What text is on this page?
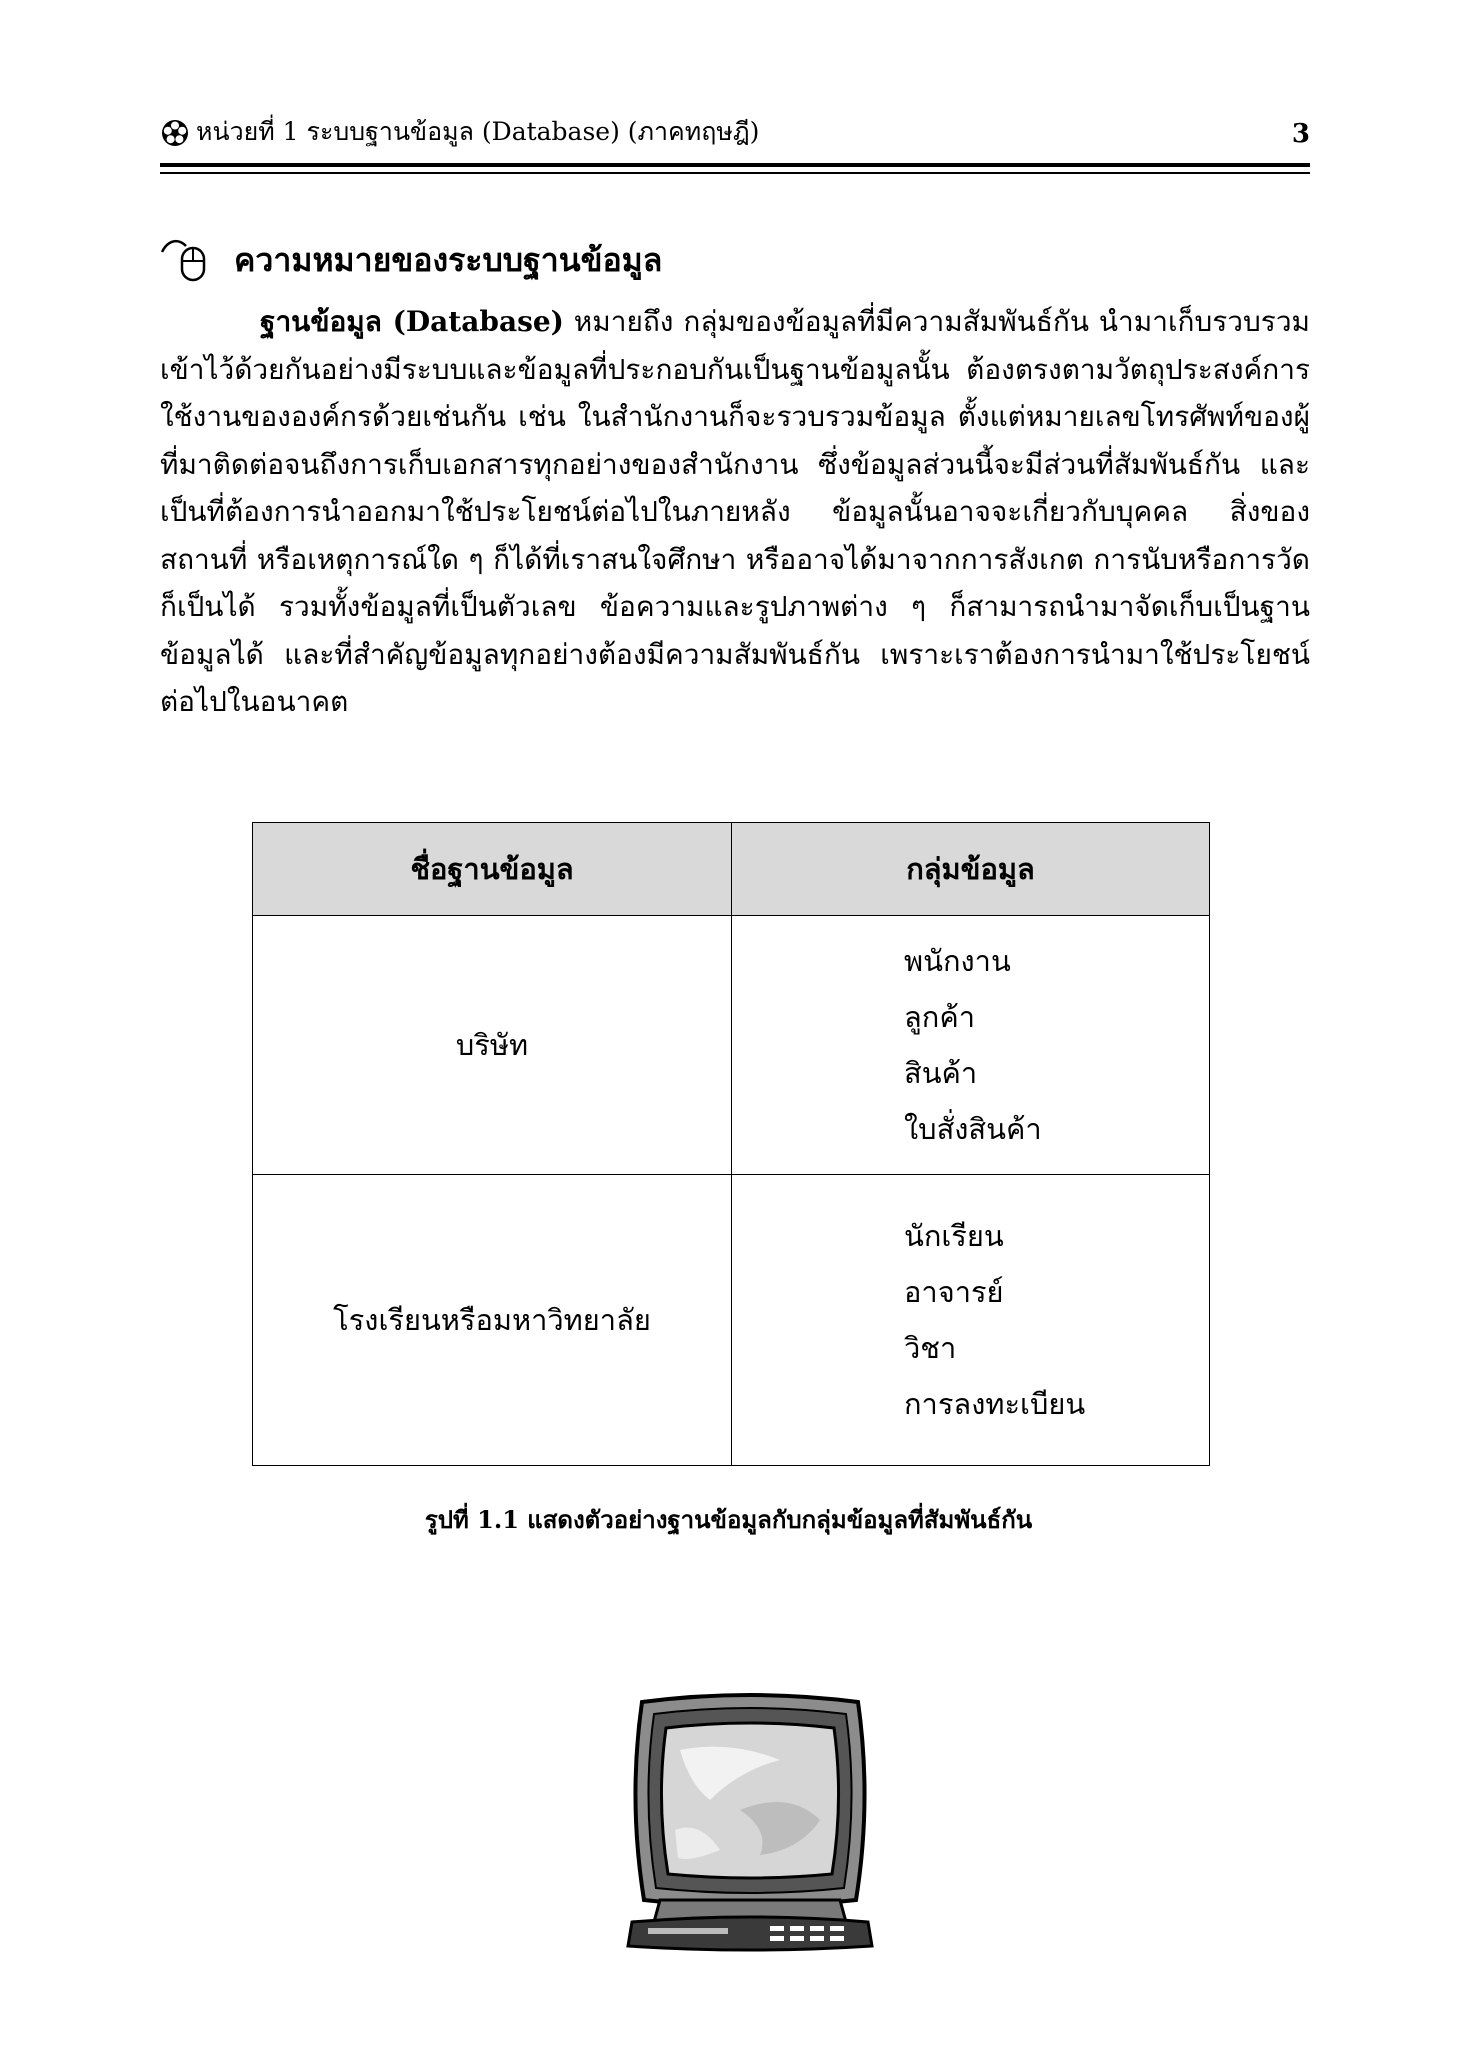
หน่วยที่ 1 ระบบฐานข้อมูล (Database) (ภาคทฤษฎี)	3
ความหมายของระบบฐานข้อมูล
ฐานข้อมูล (Database) หมายถึง กลุ่มของข้อมูลที่มีความสัมพันธ์กัน นำมาเก็บรวบรวมเข้าไว้ด้วยกันอย่างมีระบบและข้อมูลที่ประกอบกันเป็นฐานข้อมูลนั้น ต้องตรงตามวัตถุประสงค์การใช้งานขององค์กรด้วยเช่นกัน เช่น ในสำนักงานก็จะรวบรวมข้อมูล ตั้งแต่หมายเลขโทรศัพท์ของผู้ที่มาติดต่อจนถึงการเก็บเอกสารทุกอย่างของสำนักงาน ซึ่งข้อมูลส่วนนี้จะมีส่วนที่สัมพันธ์กัน และเป็นที่ต้องการนำออกมาใช้ประโยชน์ต่อไปในภายหลัง ข้อมูลนั้นอาจจะเกี่ยวกับบุคคล สิ่งของ สถานที่ หรือเหตุการณ์ใด ๆ ก็ได้ที่เราสนใจศึกษา หรืออาจได้มาจากการสังเกต การนับหรือการวัดก็เป็นได้ รวมทั้งข้อมูลที่เป็นตัวเลข ข้อความและรูปภาพต่าง ๆ ก็สามารถนำมาจัดเก็บเป็นฐานข้อมูลได้ และที่สำคัญข้อมูลทุกอย่างต้องมีความสัมพันธ์กัน เพราะเราต้องการนำมาใช้ประโยชน์ต่อไปในอนาคต
ชื่อฐานข้อมูล	กลุ่มข้อมูล
บริษัท	พนักงาน
ลูกค้า
สินค้า
ใบสั่งสินค้า

โรงเรียนหรือมหาวิทยาลัย	นักเรียน
อาจารย์
วิชา
การลงทะเบียน
รูปที่ 1.1 แสดงตัวอย่างฐานข้อมูลกับกลุ่มข้อมูลที่สัมพันธ์กัน
